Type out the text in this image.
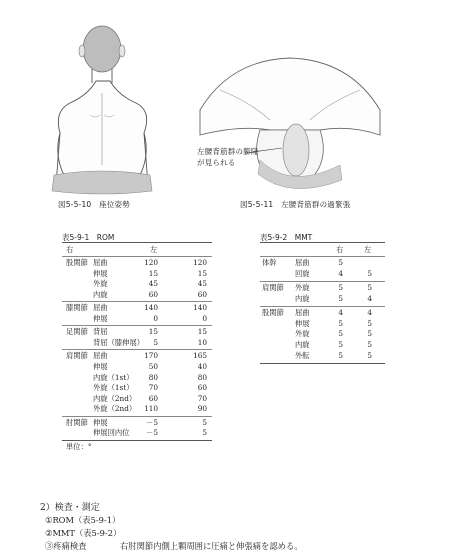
左腰背筋群の膨隆
が見られる
図5-5-10　座位姿勢	図5-5-11　左腰背筋群の過緊張
表5-9-1　ROM
右	左
股関節 屈曲	120	120
伸展	15	15
外旋	45	45
内旋	60	60
膝関節 屈曲	140	140
伸展	0	0
足関節 背屈	15	15
背屈（膝伸展）	5	10
肩関節 屈曲	170	165
伸展	50	40
内旋（1st）	80	80
外旋（1st）	70	60
内旋（2nd）	60	70
外旋（2nd）	110	90
肘関節 伸展	－5	5
伸展回内位	－5	5
単位：°
表5-9-2　MMT
右	左
体幹	屈曲	5
回旋	4	5
肩関節 外旋	5	5
内旋	5	4
股関節 屈曲	4	4
伸展	5	5
外旋	5	5
内旋	5	5
外転	5	5
2）検査・測定
①ROM（表5-9-1）
②MMT（表5-9-2）
③疼痛検査	右肘関節内側上顆周囲に圧痛と伸張痛を認める。
